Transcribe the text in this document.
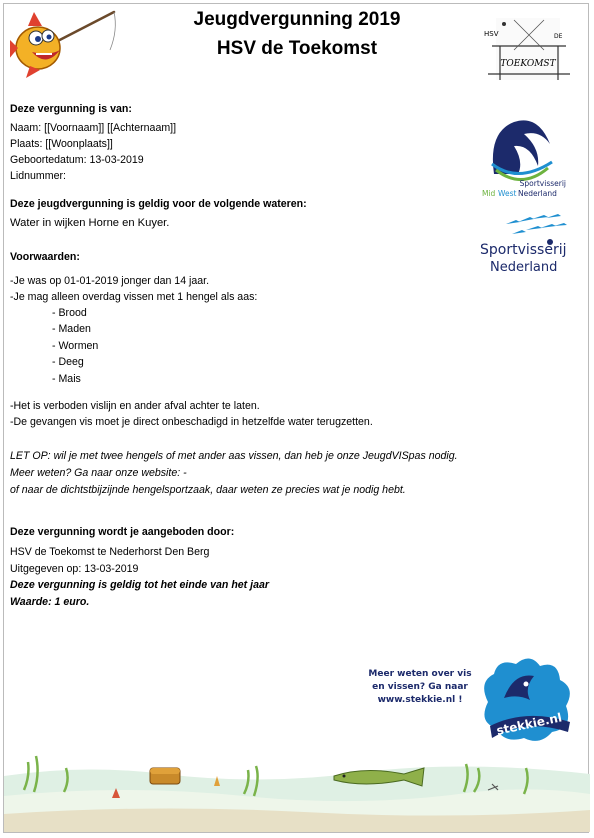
Jeugdvergunning 2019
HSV de Toekomst
HSV	DE
TOEKOMST
Sportvisserij
Mid West Nederland
Sportvisserij
Nederland
Deze vergunning is van:
Naam: [[Voornaam]] [[Achternaam]]
Plaats: [[Woonplaats]]
Geboortedatum: 13-03-2019
Lidnummer:
Deze jeugdvergunning is geldig voor de volgende wateren:
Water in wijken Horne en Kuyer.
Voorwaarden:
-Je was op 01-01-2019 jonger dan 14 jaar.
-Je mag alleen overdag vissen met 1 hengel als aas:
- Brood
- Maden
- Wormen
- Deeg
- Mais
-Het is verboden vislijn en ander afval achter te laten.
-De gevangen vis moet je direct onbeschadigd in hetzelfde water terugzetten.
LET OP: wil je met twee hengels of met ander aas vissen, dan heb je onze JeugdVISpas nodig.
Meer weten? Ga naar onze website: -
of naar de dichtstbijzijnde hengelsportzaak, daar weten ze precies wat je nodig hebt.
Deze vergunning wordt je aangeboden door:
HSV de Toekomst te Nederhorst Den Berg
Uitgegeven op: 13-03-2019
Deze vergunning is geldig tot het einde van het jaar
Waarde: 1 euro.
Meer weten over vis
en vissen? Ga naar
www.stekkie.nl !
stekkie.nl
